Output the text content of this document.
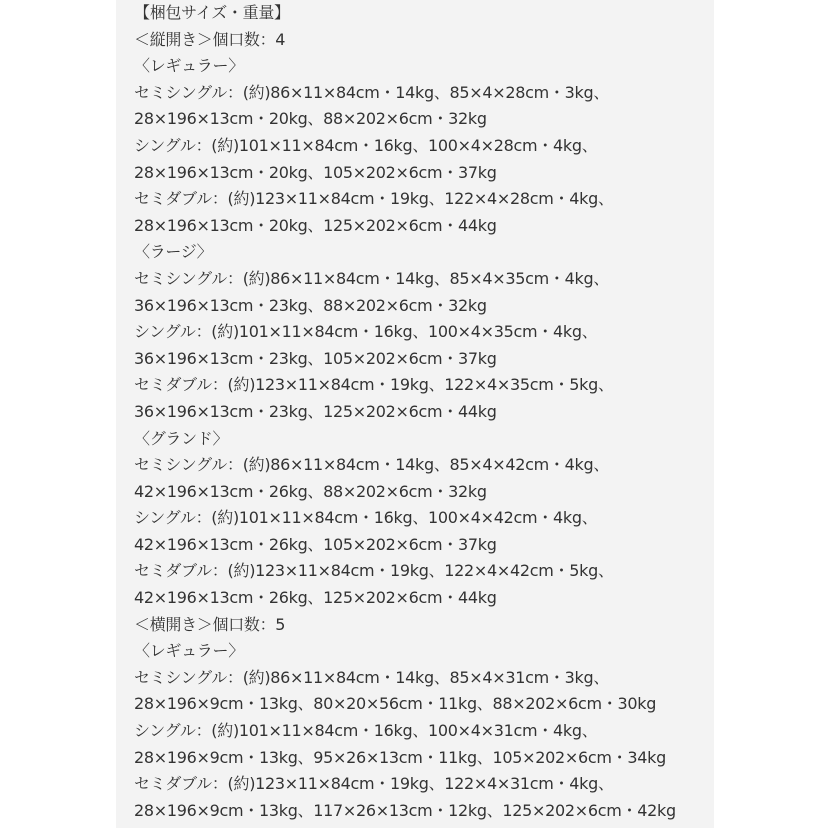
【梱包サイズ・重量】
＜縦開き＞個口数：4
〈レギュラー〉
セミシングル：(約)86×11×84cm・14kg、85×4×28cm・3kg、
28×196×13cm・20kg、88×202×6cm・32kg
シングル：(約)101×11×84cm・16kg、100×4×28cm・4kg、
28×196×13cm・20kg、105×202×6cm・37kg
セミダブル：(約)123×11×84cm・19kg、122×4×28cm・4kg、
28×196×13cm・20kg、125×202×6cm・44kg
〈ラージ〉
セミシングル：(約)86×11×84cm・14kg、85×4×35cm・4kg、
36×196×13cm・23kg、88×202×6cm・32kg
シングル：(約)101×11×84cm・16kg、100×4×35cm・4kg、
36×196×13cm・23kg、105×202×6cm・37kg
セミダブル：(約)123×11×84cm・19kg、122×4×35cm・5kg、
36×196×13cm・23kg、125×202×6cm・44kg
〈グランド〉
セミシングル：(約)86×11×84cm・14kg、85×4×42cm・4kg、
42×196×13cm・26kg、88×202×6cm・32kg
シングル：(約)101×11×84cm・16kg、100×4×42cm・4kg、
42×196×13cm・26kg、105×202×6cm・37kg
セミダブル：(約)123×11×84cm・19kg、122×4×42cm・5kg、
42×196×13cm・26kg、125×202×6cm・44kg
＜横開き＞個口数：5
〈レギュラー〉
セミシングル：(約)86×11×84cm・14kg、85×4×31cm・3kg、
28×196×9cm・13kg、80×20×56cm・11kg、88×202×6cm・30kg
シングル：(約)101×11×84cm・16kg、100×4×31cm・4kg、
28×196×9cm・13kg、95×26×13cm・11kg、105×202×6cm・34kg
セミダブル：(約)123×11×84cm・19kg、122×4×31cm・4kg、
28×196×9cm・13kg、117×26×13cm・12kg、125×202×6cm・42kg
